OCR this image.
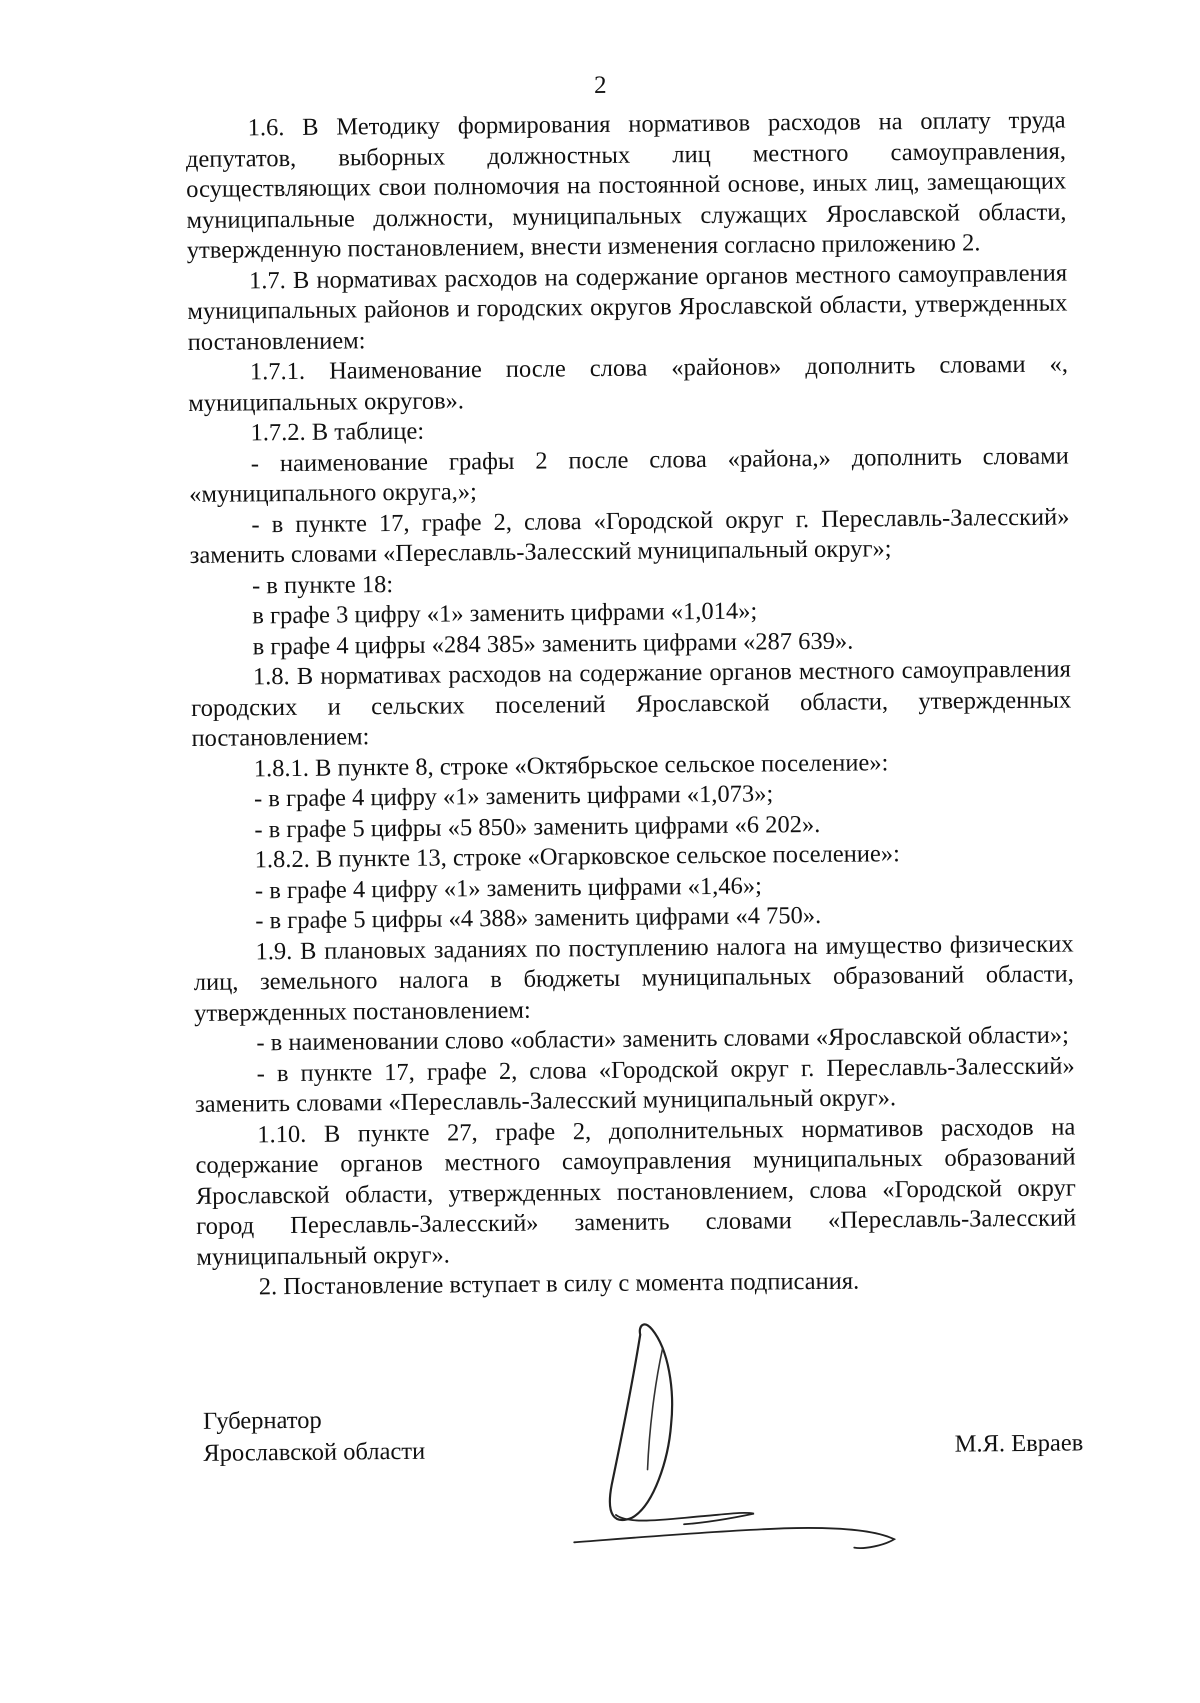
2

1.6. В Методику формирования нормативов расходов на оплату труда депутатов, выборных должностных лиц местного самоуправления, осуществляющих свои полномочия на постоянной основе, иных лиц, замещающих муниципальные должности, муниципальных служащих Ярославской области, утвержденную постановлением, внести изменения согласно приложению 2.

1.7. В нормативах расходов на содержание органов местного самоуправления муниципальных районов и городских округов Ярославской области, утвержденных постановлением:

1.7.1. Наименование после слова «районов» дополнить словами «, муниципальных округов».

1.7.2. В таблице:

- наименование графы 2 после слова «района,» дополнить словами «муниципального округа,»;

- в пункте 17, графе 2, слова «Городской округ г. Переславль-Залесский» заменить словами «Переславль-Залесский муниципальный округ»;

- в пункте 18:

в графе 3 цифру «1» заменить цифрами «1,014»;

в графе 4 цифры «284 385» заменить цифрами «287 639».

1.8. В нормативах расходов на содержание органов местного самоуправления городских и сельских поселений Ярославской области, утвержденных постановлением:

1.8.1. В пункте 8, строке «Октябрьское сельское поселение»:

- в графе 4 цифру «1» заменить цифрами «1,073»;

- в графе 5 цифры «5 850» заменить цифрами «6 202».

1.8.2. В пункте 13, строке «Огарковское сельское поселение»:

- в графе 4 цифру «1» заменить цифрами «1,46»;

- в графе 5 цифры «4 388» заменить цифрами «4 750».

1.9. В плановых заданиях по поступлению налога на имущество физических лиц, земельного налога в бюджеты муниципальных образований области, утвержденных постановлением:

- в наименовании слово «области» заменить словами «Ярославской области»;

- в пункте 17, графе 2, слова «Городской округ г. Переславль-Залесский» заменить словами «Переславль-Залесский муниципальный округ».

1.10. В пункте 27, графе 2, дополнительных нормативов расходов на содержание органов местного самоуправления муниципальных образований Ярославской области, утвержденных постановлением, слова «Городской округ город Переславль-Залесский» заменить словами «Переславль-Залесский муниципальный округ».

2. Постановление вступает в силу с момента подписания.

Губернатор
Ярославской области	М.Я. Евраев
